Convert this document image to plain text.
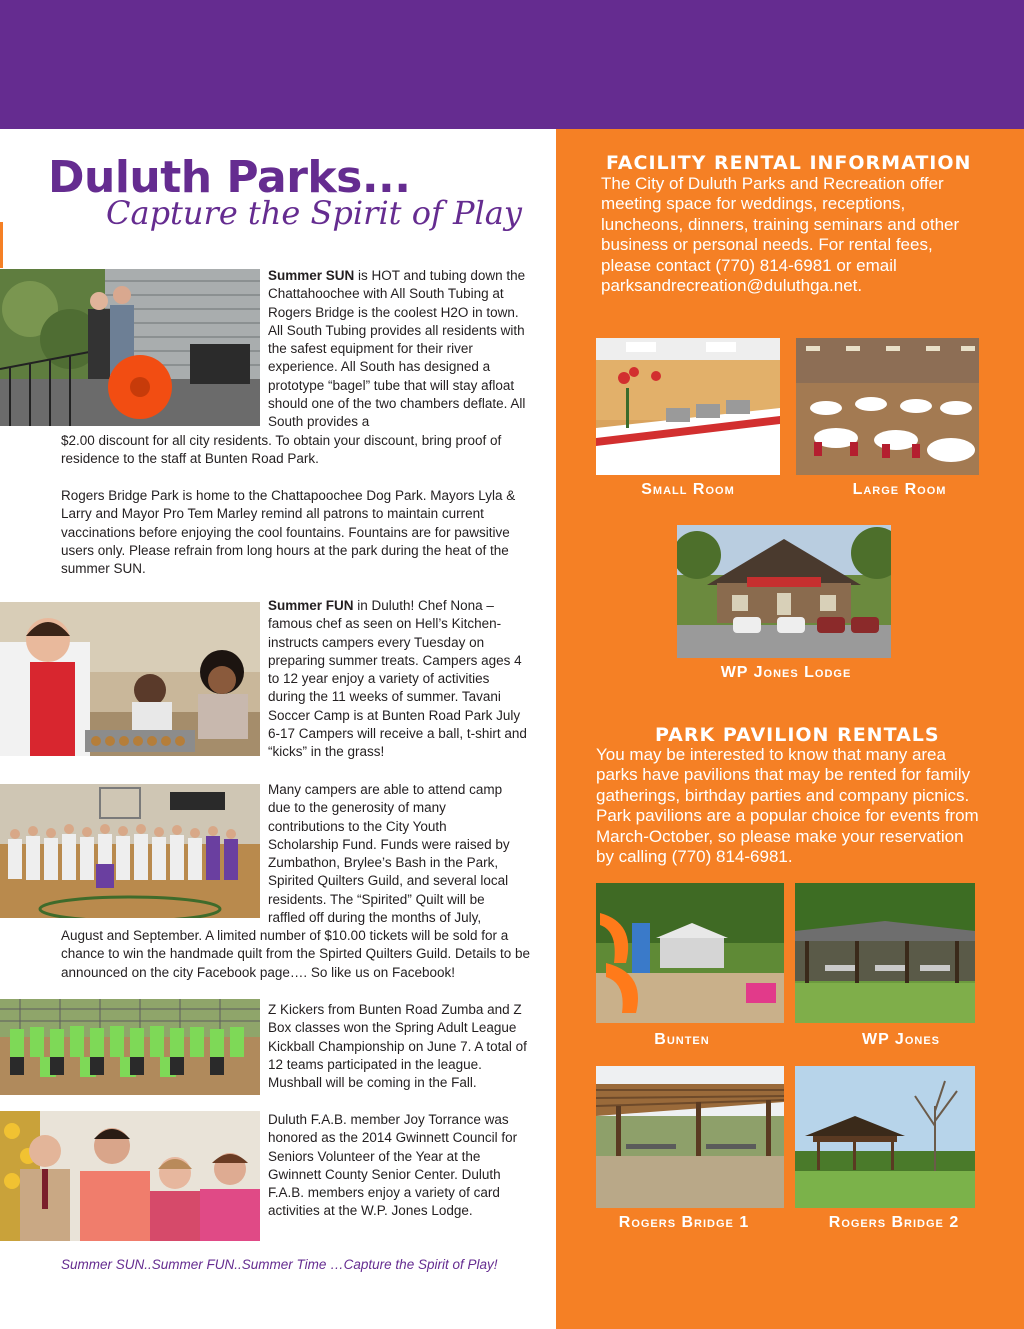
Duluth Parks...
Capture the Spirit of Play

Summer SUN is HOT and tubing down the Chattahoochee with All South Tubing at Rogers Bridge is the coolest H2O in town. All South Tubing provides all residents with the safest equipment for their river experience. All South has designed a prototype “bagel” tube that will stay afloat should one of the two chambers deflate. All South provides a

$2.00 discount for all city residents. To obtain your discount, bring proof of residence to the staff at Bunten Road Park.

Rogers Bridge Park is home to the Chattapoochee Dog Park. Mayors Lyla & Larry and Mayor Pro Tem Marley remind all patrons to maintain current vaccinations before enjoying the cool fountains. Fountains are for pawsitive users only. Please refrain from long hours at the park during the heat of the summer SUN.

Summer FUN in Duluth! Chef Nona – famous chef as seen on Hell’s Kitchen- instructs campers every Tuesday on preparing summer treats. Campers ages 4 to 12 year enjoy a variety of activities during the 11 weeks of summer. Tavani Soccer Camp is at Bunten Road Park July 6-17 Campers will receive a ball, t-shirt and “kicks” in the grass!

Many campers are able to attend camp due to the generosity of many contributions to the City Youth Scholarship Fund. Funds were raised by Zumbathon, Brylee’s Bash in the Park, Spirited Quilters Guild, and several local residents. The “Spirited” Quilt will be raffled off during the months of July,

August and September. A limited number of $10.00 tickets will be sold for a chance to win the handmade quilt from the Spirted Quilters Guild. Details to be announced on the city Facebook page…. So like us on Facebook!

Z Kickers from Bunten Road Zumba and Z Box classes won the Spring Adult League Kickball Championship on June 7. A total of 12 teams participated in the league. Mushball will be coming in the Fall.

Duluth F.A.B. member Joy Torrance was honored as the 2014 Gwinnett Council for Seniors Volunteer of the Year at the Gwinnett County Senior Center. Duluth F.A.B. members enjoy a variety of card activities at the W.P. Jones Lodge.

Summer SUN..Summer FUN..Summer Time …Capture the Spirit of Play!
FACILITY RENTAL INFORMATION

The City of Duluth Parks and Recreation offer meeting space for weddings, receptions, luncheons, dinners, training seminars and other business or personal needs. For rental fees, please contact (770) 814-6981 or email parksandrecreation@duluthga.net.

Small Room	Large Room
WP Jones Lodge
PARK PAVILION RENTALS

You may be interested to know that many area parks have pavilions that may be rented for family gatherings, birthday parties and company picnics. Park pavilions are a popular choice for events from March-October, so please make your reservation by calling (770) 814-6981.

Bunten	WP Jones
Rogers Bridge 1	Rogers Bridge 2
